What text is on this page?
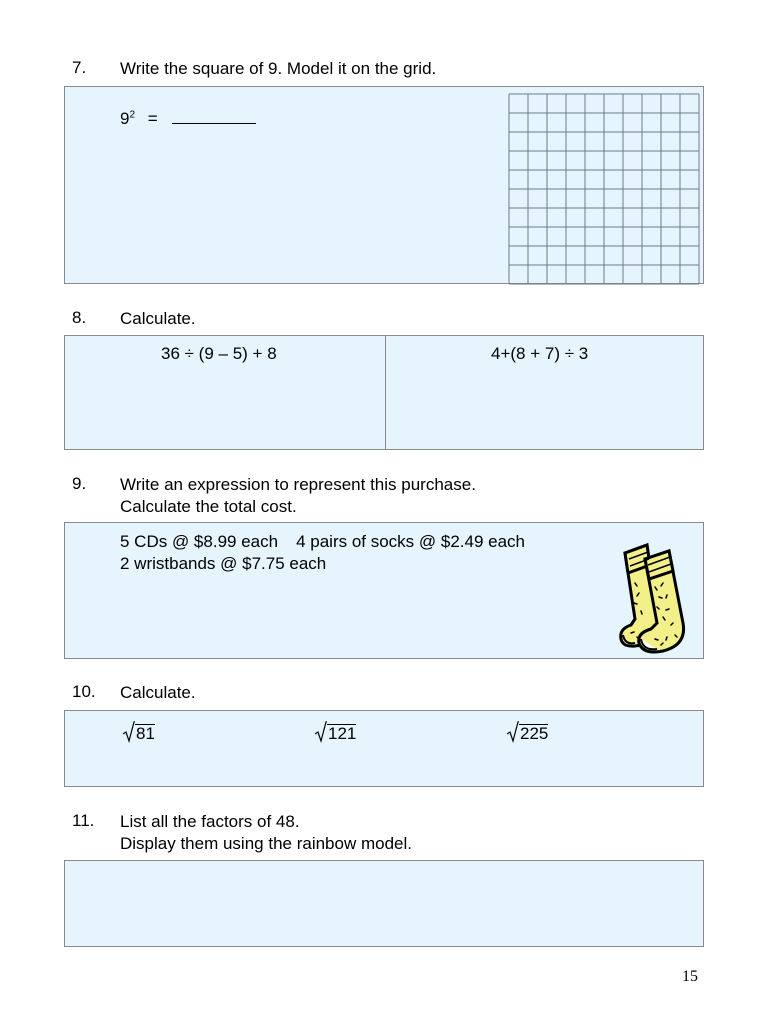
7. Write the square of 9. Model it on the grid.
$9^2$ =
8. Calculate.
36 ÷ (9 – 5) + 8	4+(8 + 7) ÷ 3
9. Write an expression to represent this purchase.
Calculate the total cost.
5 CDs @ $8.99 each 4 pairs of socks @ $2.49 each
2 wristbands @ $7.75 each
10. Calculate.
81	121	225
11. List all the factors of 48.
Display them using the rainbow model.
15
